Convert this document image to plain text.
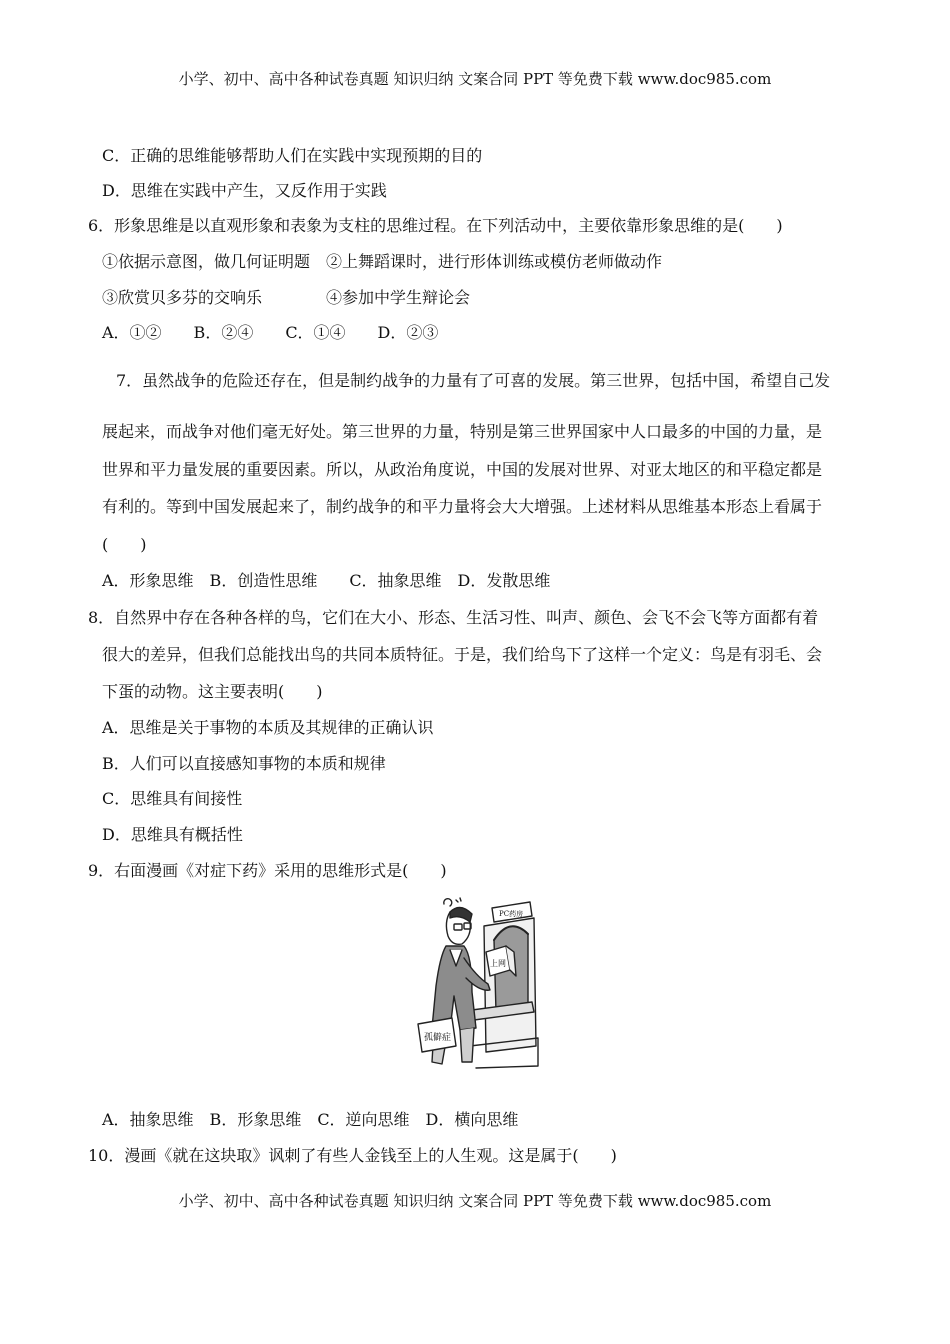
小学、初中、高中各种试卷真题 知识归纳 文案合同 PPT 等免费下载 www.doc985.com
C．正确的思维能够帮助人们在实践中实现预期的目的
D．思维在实践中产生，又反作用于实践
6．形象思维是以直观形象和表象为支柱的思维过程。在下列活动中，主要依靠形象思维的是(　　)
①依据示意图，做几何证明题　②上舞蹈课时，进行形体训练或模仿老师做动作
③欣赏贝多芬的交响乐　　　　④参加中学生辩论会
A．①②　　B．②④　　C．①④　　D．②③
7．虽然战争的危险还存在，但是制约战争的力量有了可喜的发展。第三世界，包括中国，希望自己发
展起来，而战争对他们毫无好处。第三世界的力量，特别是第三世界国家中人口最多的中国的力量，是
世界和平力量发展的重要因素。所以，从政治角度说，中国的发展对世界、对亚太地区的和平稳定都是
有利的。等到中国发展起来了，制约战争的和平力量将会大大增强。上述材料从思维基本形态上看属于
(　　)
A．形象思维　B．创造性思维　　C．抽象思维　D．发散思维
8．自然界中存在各种各样的鸟，它们在大小、形态、生活习性、叫声、颜色、会飞不会飞等方面都有着
很大的差异，但我们总能找出鸟的共同本质特征。于是，我们给鸟下了这样一个定义：鸟是有羽毛、会
下蛋的动物。这主要表明(　　)
A．思维是关于事物的本质及其规律的正确认识
B．人们可以直接感知事物的本质和规律
C．思维具有间接性
D．思维具有概括性
9．右面漫画《对症下药》采用的思维形式是(　　)
PC药房
上网
孤僻症
A．抽象思维　B．形象思维　C．逆向思维　D．横向思维
10．漫画《就在这块取》讽刺了有些人金钱至上的人生观。这是属于(　　)
小学、初中、高中各种试卷真题 知识归纳 文案合同 PPT 等免费下载 www.doc985.com
